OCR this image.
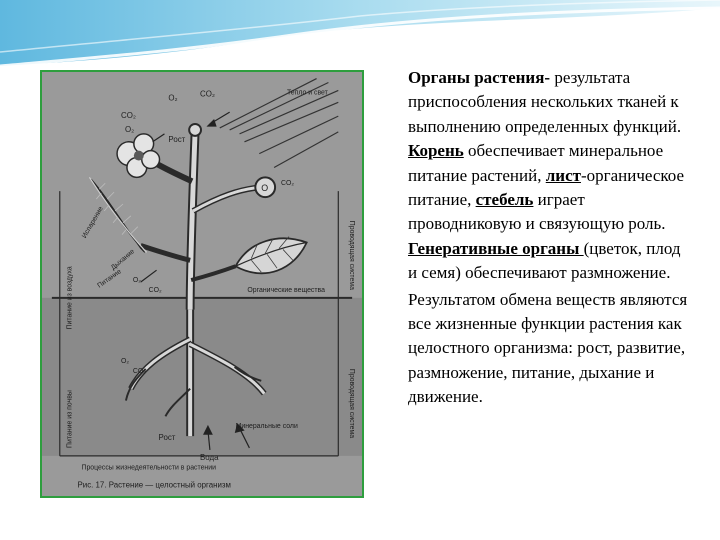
O₂	CO₂	Тепло и свет
Рост
CO₂
O₂
O CO₂
Питание из воздуха
Испарение
Питание
Дыхание
O₂
CO₂	Органические вещества
Проводящая система
Питание из почвы	Проводящая система
O₂
CO₂
Рост
Вода
Минеральные соли
Процессы жизнедеятельности в растении
Рис. 17. Растение — целостный организм

Органы растения- результата приспособления нескольких тканей к выполнению определенных функций. Корень обеспечивает минеральное питание растений, лист-органическое питание, стебель играет проводниковую и связующую роль. Генеративные органы (цветок, плод и семя) обеспечивают размножение.

Результатом обмена веществ являются все жизненные функции растения как целостного организма: рост, развитие, размножение, питание, дыхание и движение.
